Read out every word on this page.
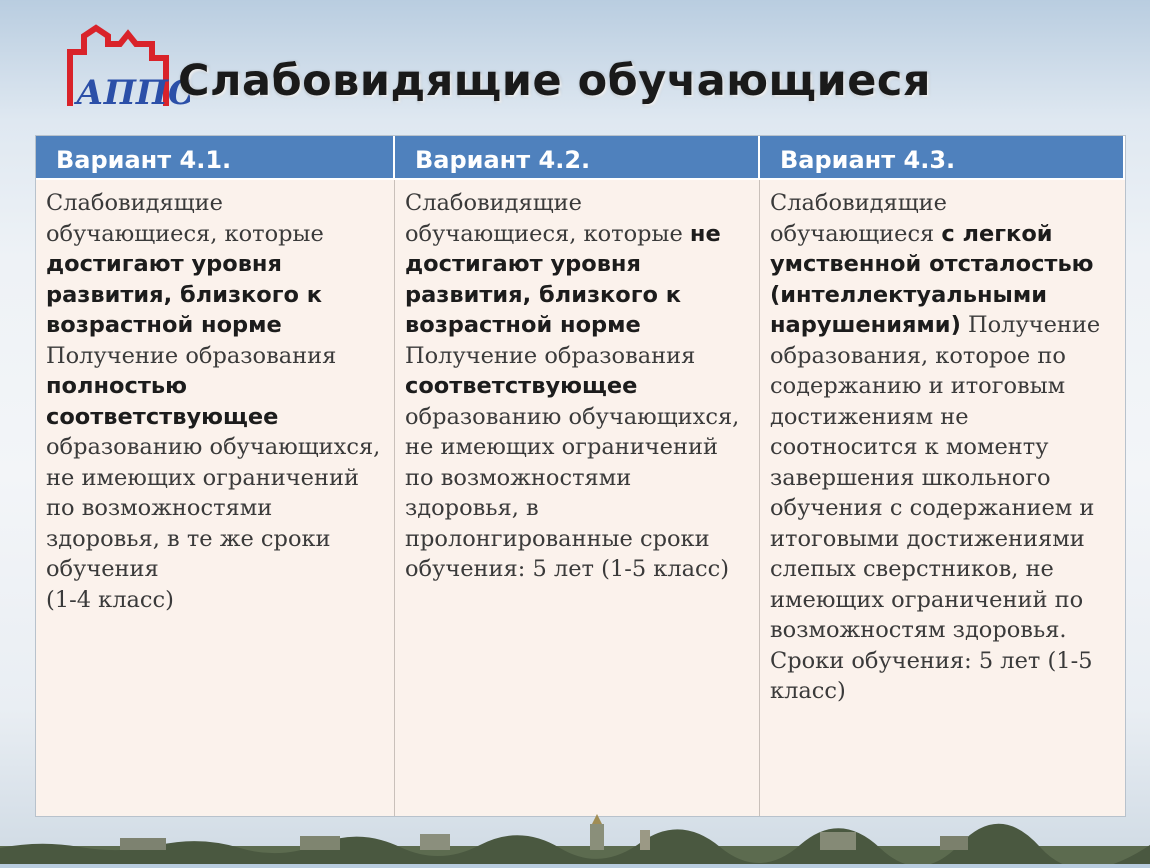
АППО
Слабовидящие обучающиеся
Вариант 4.1.	Вариант 4.2.	Вариант 4.3.
Слабовидящие обучающиеся, которые достигают уровня развития, близкого к возрастной норме Получение образования полностью соответствующее образованию обучающихся, не имеющих ограничений по возможностями здоровья, в те же сроки обучения
(1-4 класс)
Слабовидящие обучающиеся, которые не достигают уровня развития, близкого к возрастной норме Получение образования соответствующее образованию обучающихся, не имеющих ограничений по возможностями здоровья, в пролонгированные сроки обучения: 5 лет (1-5 класс)
Слабовидящие обучающиеся с легкой умственной отсталостью (интеллектуальными нарушениями) Получение образования, которое по содержанию и итоговым достижениям не соотносится к моменту завершения школьного обучения с содержанием и итоговыми достижениями слепых сверстников, не имеющих ограничений по возможностям здоровья. Сроки обучения: 5 лет (1-5 класс)
